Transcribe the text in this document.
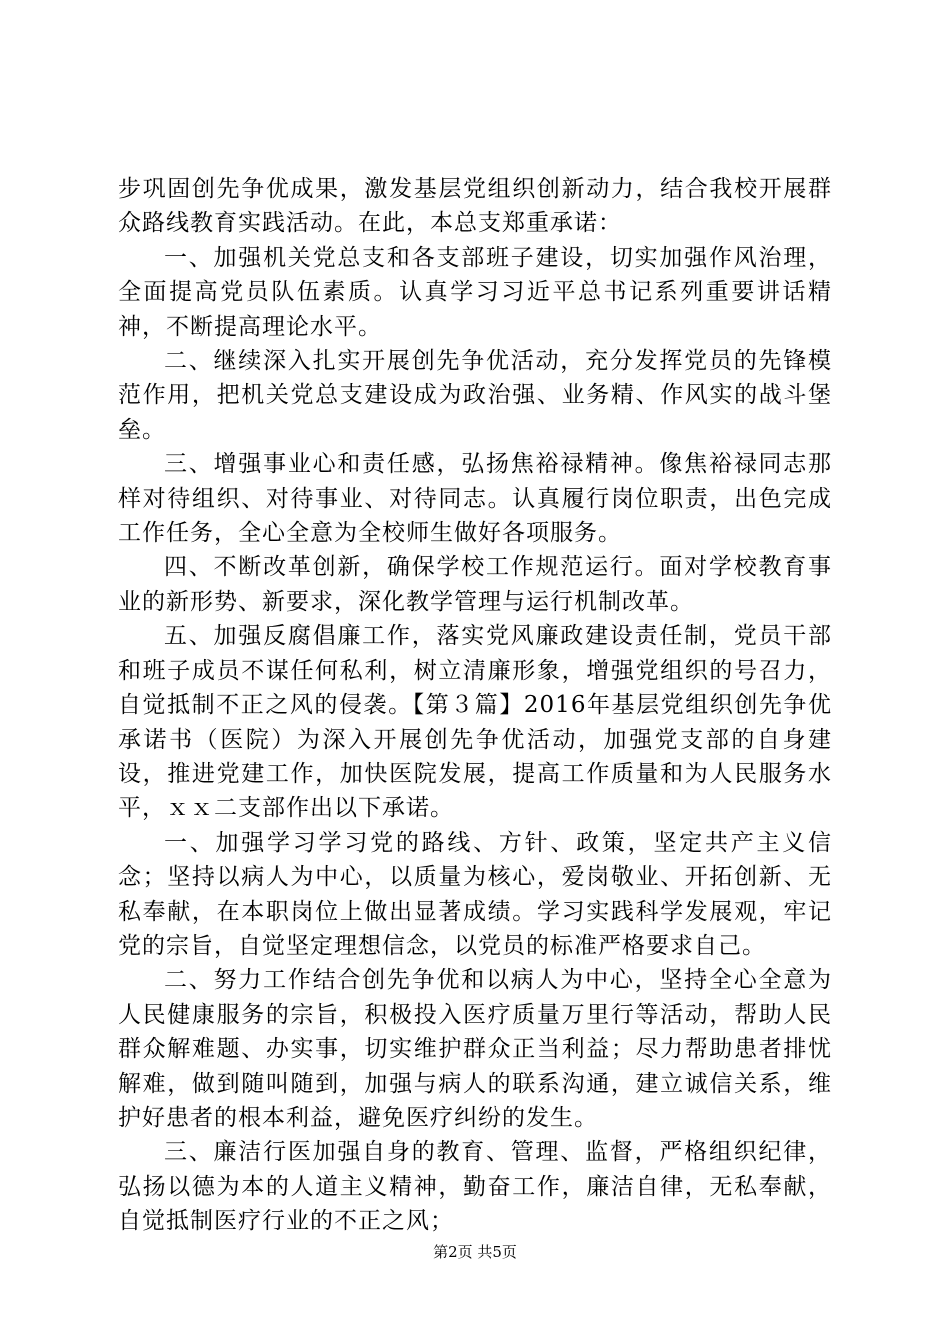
步巩固创先争优成果，激发基层党组织创新动力，结合我校开展群众路线教育实践活动。在此，本总支郑重承诺：

一、加强机关党总支和各支部班子建设，切实加强作风治理，全面提高党员队伍素质。认真学习习近平总书记系列重要讲话精神，不断提高理论水平。

二、继续深入扎实开展创先争优活动，充分发挥党员的先锋模范作用，把机关党总支建设成为政治强、业务精、作风实的战斗堡垒。

三、增强事业心和责任感，弘扬焦裕禄精神。像焦裕禄同志那样对待组织、对待事业、对待同志。认真履行岗位职责，出色完成工作任务，全心全意为全校师生做好各项服务。

四、不断改革创新，确保学校工作规范运行。面对学校教育事业的新形势、新要求，深化教学管理与运行机制改革。

五、加强反腐倡廉工作，落实党风廉政建设责任制，党员干部和班子成员不谋任何私利，树立清廉形象，增强党组织的号召力，自觉抵制不正之风的侵袭。【第３篇】2016年基层党组织创先争优承诺书（医院）为深入开展创先争优活动，加强党支部的自身建设，推进党建工作，加快医院发展，提高工作质量和为人民服务水平，ｘｘ二支部作出以下承诺。

一、加强学习学习党的路线、方针、政策，坚定共产主义信念；坚持以病人为中心，以质量为核心，爱岗敬业、开拓创新、无私奉献，在本职岗位上做出显著成绩。学习实践科学发展观，牢记党的宗旨，自觉坚定理想信念，以党员的标准严格要求自己。

二、努力工作结合创先争优和以病人为中心，坚持全心全意为人民健康服务的宗旨，积极投入医疗质量万里行等活动，帮助人民群众解难题、办实事，切实维护群众正当利益；尽力帮助患者排忧解难，做到随叫随到，加强与病人的联系沟通，建立诚信关系，维护好患者的根本利益，避免医疗纠纷的发生。

三、廉洁行医加强自身的教育、管理、监督，严格组织纪律，弘扬以德为本的人道主义精神，勤奋工作，廉洁自律，无私奉献，自觉抵制医疗行业的不正之风；

第2页 共5页
